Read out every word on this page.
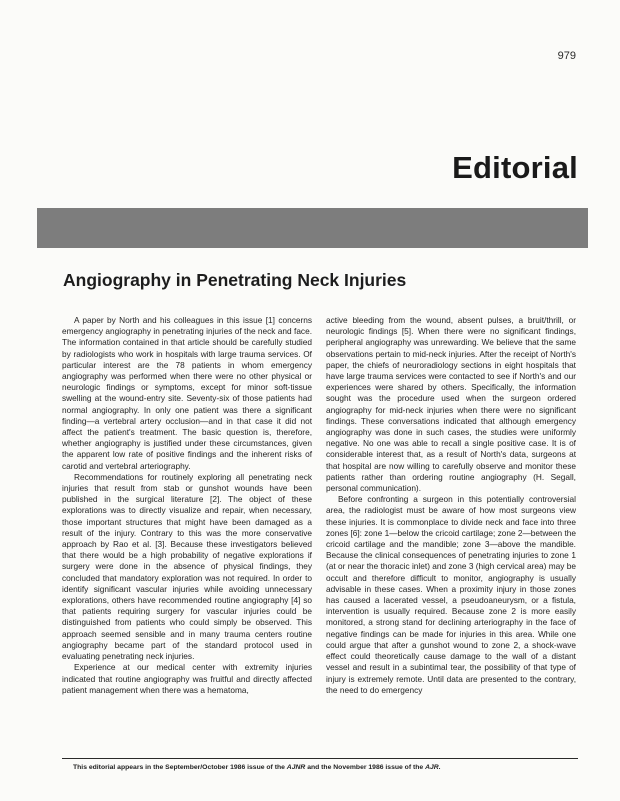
979
Editorial
Angiography in Penetrating Neck Injuries

A paper by North and his colleagues in this issue [1] concerns emergency angiography in penetrating injuries of the neck and face. The information contained in that article should be carefully studied by radiologists who work in hospitals with large trauma services. Of particular interest are the 78 patients in whom emergency angiography was performed when there were no other physical or neurologic findings or symptoms, except for minor soft-tissue swelling at the wound-entry site. Seventy-six of those patients had normal angiography. In only one patient was there a significant finding—a vertebral artery occlusion—and in that case it did not affect the patient's treatment. The basic question is, therefore, whether angiography is justified under these circumstances, given the apparent low rate of positive findings and the inherent risks of carotid and vertebral arteriography.

Recommendations for routinely exploring all penetrating neck injuries that result from stab or gunshot wounds have been published in the surgical literature [2]. The object of these explorations was to directly visualize and repair, when necessary, those important structures that might have been damaged as a result of the injury. Contrary to this was the more conservative approach by Rao et al. [3]. Because these investigators believed that there would be a high probability of negative explorations if surgery were done in the absence of physical findings, they concluded that mandatory exploration was not required. In order to identify significant vascular injuries while avoiding unnecessary explorations, others have recommended routine angiography [4] so that patients requiring surgery for vascular injuries could be distinguished from patients who could simply be observed. This approach seemed sensible and in many trauma centers routine angiography became part of the standard protocol used in evaluating penetrating neck injuries.

Experience at our medical center with extremity injuries indicated that routine angiography was fruitful and directly affected patient management when there was a hematoma,

active bleeding from the wound, absent pulses, a bruit/thrill, or neurologic findings [5]. When there were no significant findings, peripheral angiography was unrewarding. We believe that the same observations pertain to mid-neck injuries. After the receipt of North's paper, the chiefs of neuroradiology sections in eight hospitals that have large trauma services were contacted to see if North's and our experiences were shared by others. Specifically, the information sought was the procedure used when the surgeon ordered angiography for mid-neck injuries when there were no significant findings. These conversations indicated that although emergency angiography was done in such cases, the studies were uniformly negative. No one was able to recall a single positive case. It is of considerable interest that, as a result of North's data, surgeons at that hospital are now willing to carefully observe and monitor these patients rather than ordering routine angiography (H. Segall, personal communication).

Before confronting a surgeon in this potentially controversial area, the radiologist must be aware of how most surgeons view these injuries. It is commonplace to divide neck and face into three zones [6]: zone 1—below the cricoid cartilage; zone 2—between the cricoid cartilage and the mandible; zone 3—above the mandible. Because the clinical consequences of penetrating injuries to zone 1 (at or near the thoracic inlet) and zone 3 (high cervical area) may be occult and therefore difficult to monitor, angiography is usually advisable in these cases. When a proximity injury in those zones has caused a lacerated vessel, a pseudoaneurysm, or a fistula, intervention is usually required. Because zone 2 is more easily monitored, a strong stand for declining arteriography in the face of negative findings can be made for injuries in this area. While one could argue that after a gunshot wound to zone 2, a shock-wave effect could theoretically cause damage to the wall of a distant vessel and result in a subintimal tear, the possibility of that type of injury is extremely remote. Until data are presented to the contrary, the need to do emergency

This editorial appears in the September/October 1986 issue of the AJNR and the November 1986 issue of the AJR.
